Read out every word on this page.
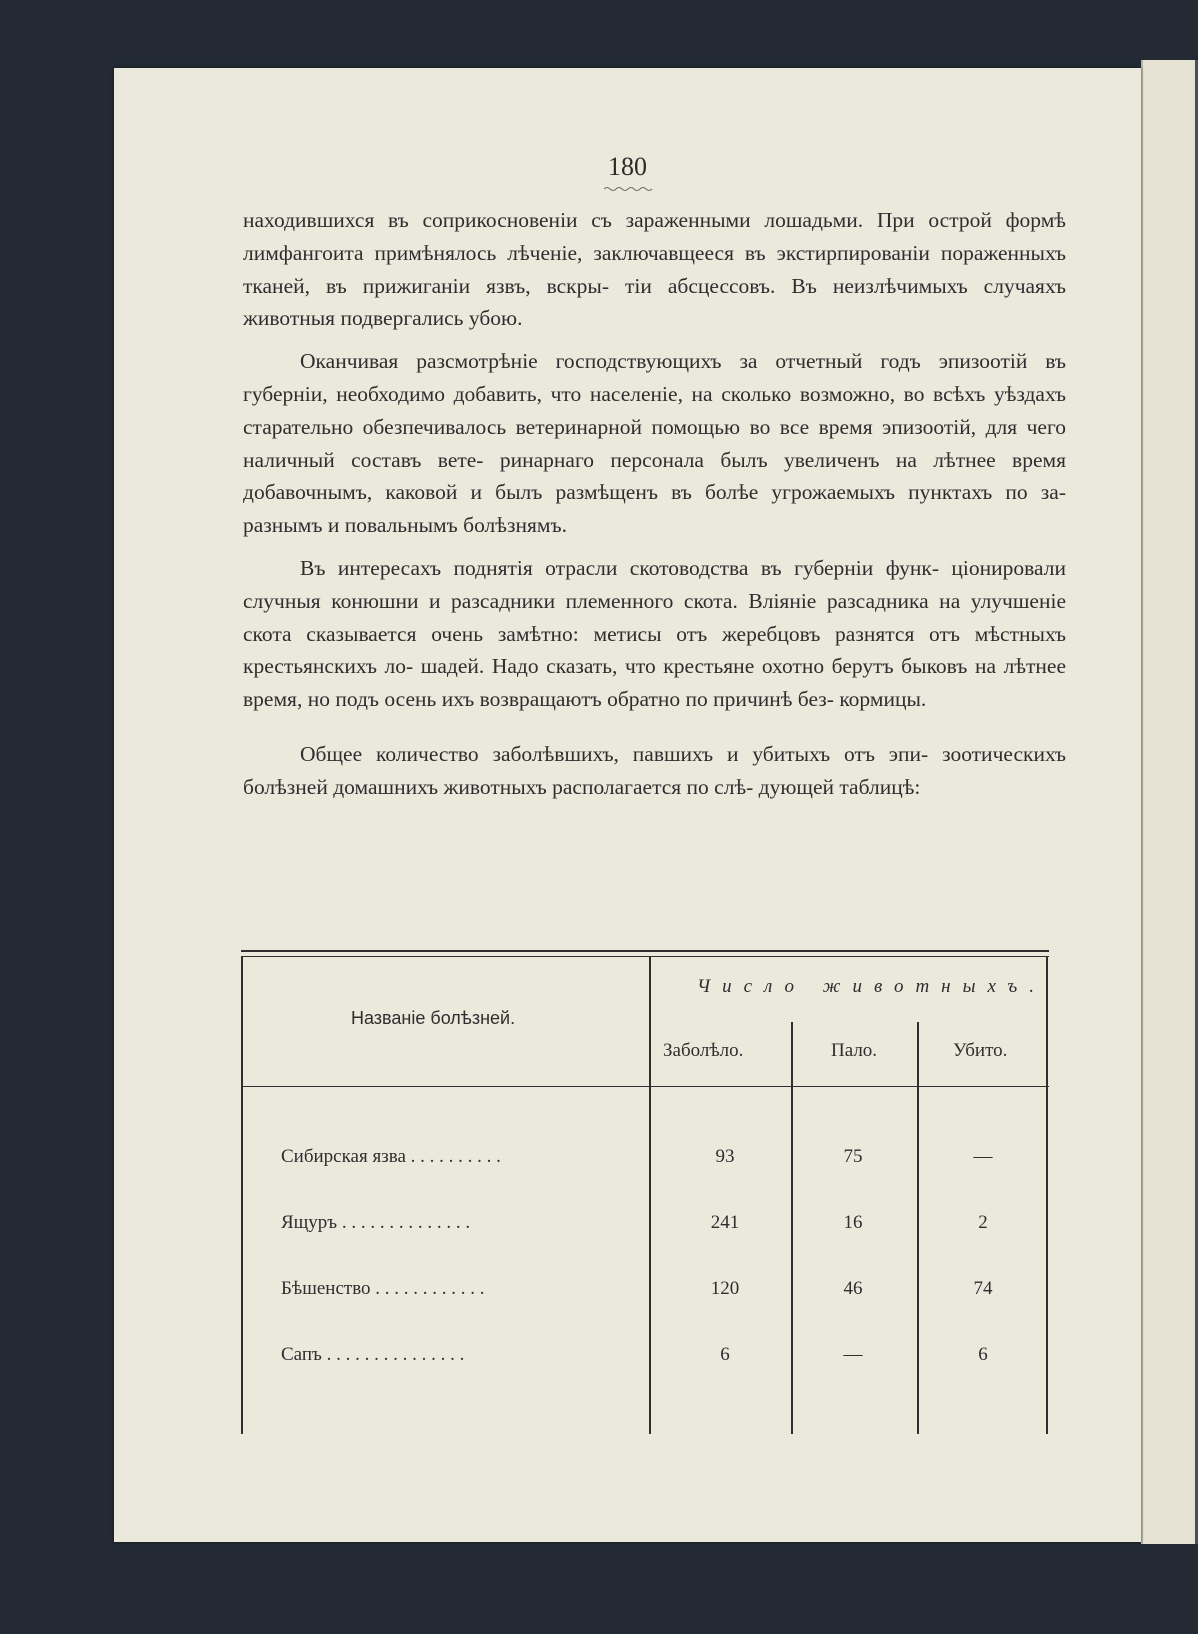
180

находившихся въ соприкосновеніи съ зараженными лошадьми. При острой формѣ лимфангоита примѣнялось лѣченіе, заключавщееся въ экстирпированіи пораженныхъ тканей, въ прижиганіи язвъ, вскры- тіи абсцессовъ. Въ неизлѣчимыхъ случаяхъ животныя подвергались убою.

Оканчивая разсмотрѣніе господствующихъ за отчетный годъ эпизоотій въ губерніи, необходимо добавить, что населеніе, на сколько возможно, во всѣхъ уѣздахъ старательно обезпечивалось ветеринарной помощью во все время эпизоотій, для чего наличный составъ вете- ринарнаго персонала былъ увеличенъ на лѣтнее время добавочнымъ, каковой и былъ размѣщенъ въ болѣе угрожаемыхъ пунктахъ по за- разнымъ и повальнымъ болѣзнямъ.

Въ интересахъ поднятія отрасли скотоводства въ губерніи функ- ціонировали случныя конюшни и разсадники племенного скота. Вліяніе разсадника на улучшеніе скота сказывается очень замѣтно: метисы отъ жеребцовъ разнятся отъ мѣстныхъ крестьянскихъ ло- шадей. Надо сказать, что крестьяне охотно берутъ быковъ на лѣтнее время, но подъ осень ихъ возвращаютъ обратно по причинѣ без- кормицы.

Общее количество заболѣвшихъ, павшихъ и убитыхъ отъ эпи- зоотическихъ болѣзней домашнихъ животныхъ располагается по слѣ- дующей таблицѣ:

Названіе болѣзней.
Число животныхъ.
Заболѣло.	Пало.	Убито.
Сибирская язва . . . . . . . . . .	93	75	—
Ящуръ . . . . . . . . . . . . . .	241	16	2
Бѣшенство . . . . . . . . . . . .	120	46	74
Сапъ . . . . . . . . . . . . . . .	6	—	6
